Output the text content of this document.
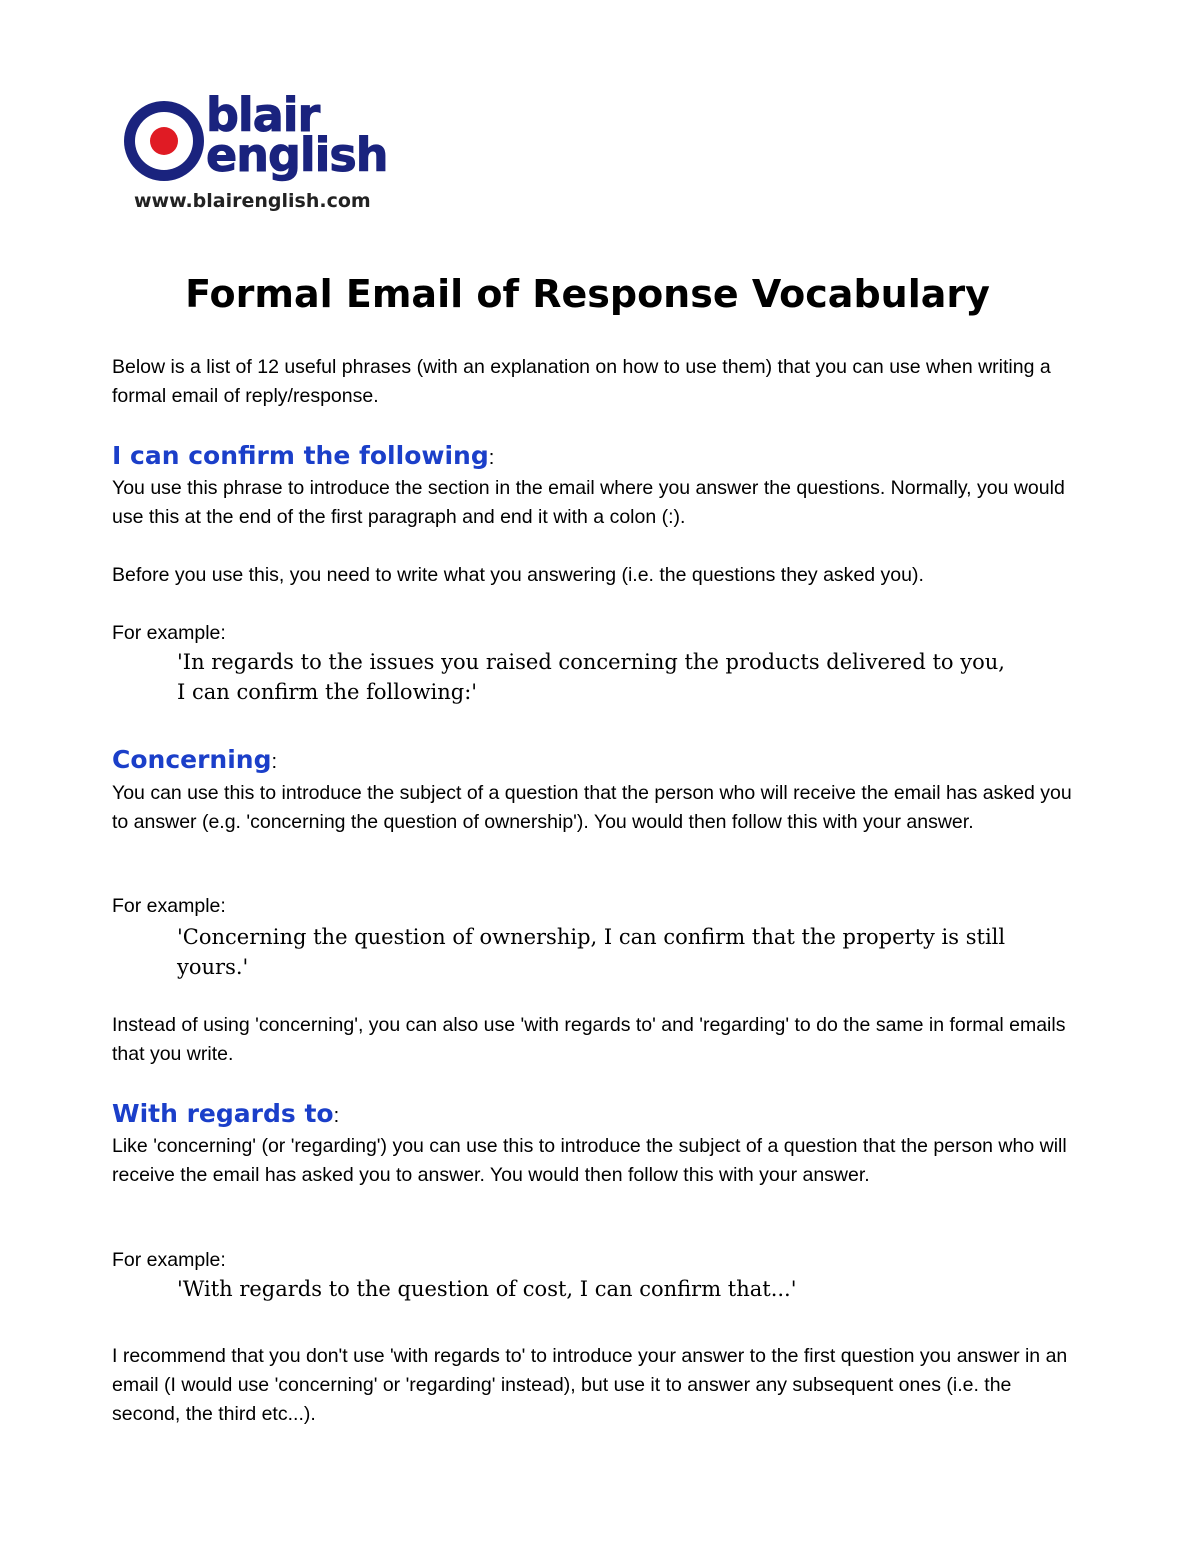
blair
english
www.blairenglish.com
Formal Email of Response Vocabulary

Below is a list of 12 useful phrases (with an explanation on how to use them) that you can use when writing a formal email of reply/response.

I can confirm the following:

You use this phrase to introduce the section in the email where you answer the questions. Normally, you would use this at the end of the first paragraph and end it with a colon (:).

Before you use this, you need to write what you answering (i.e. the questions they asked you).

For example:

'In regards to the issues you raised concerning the products delivered to you, I can confirm the following:'

Concerning:

You can use this to introduce the subject of a question that the person who will receive the email has asked you to answer (e.g. 'concerning the question of ownership'). You would then follow this with your answer.

For example:

'Concerning the question of ownership, I can confirm that the property is still yours.'

Instead of using 'concerning', you can also use 'with regards to' and 'regarding' to do the same in formal emails that you write.

With regards to:

Like 'concerning' (or 'regarding') you can use this to introduce the subject of a question that the person who will receive the email has asked you to answer. You would then follow this with your answer.

For example:

'With regards to the question of cost, I can confirm that...'

I recommend that you don't use 'with regards to' to introduce your answer to the first question you answer in an email (I would use 'concerning' or 'regarding' instead), but use it to answer any subsequent ones (i.e. the second, the third etc...).
